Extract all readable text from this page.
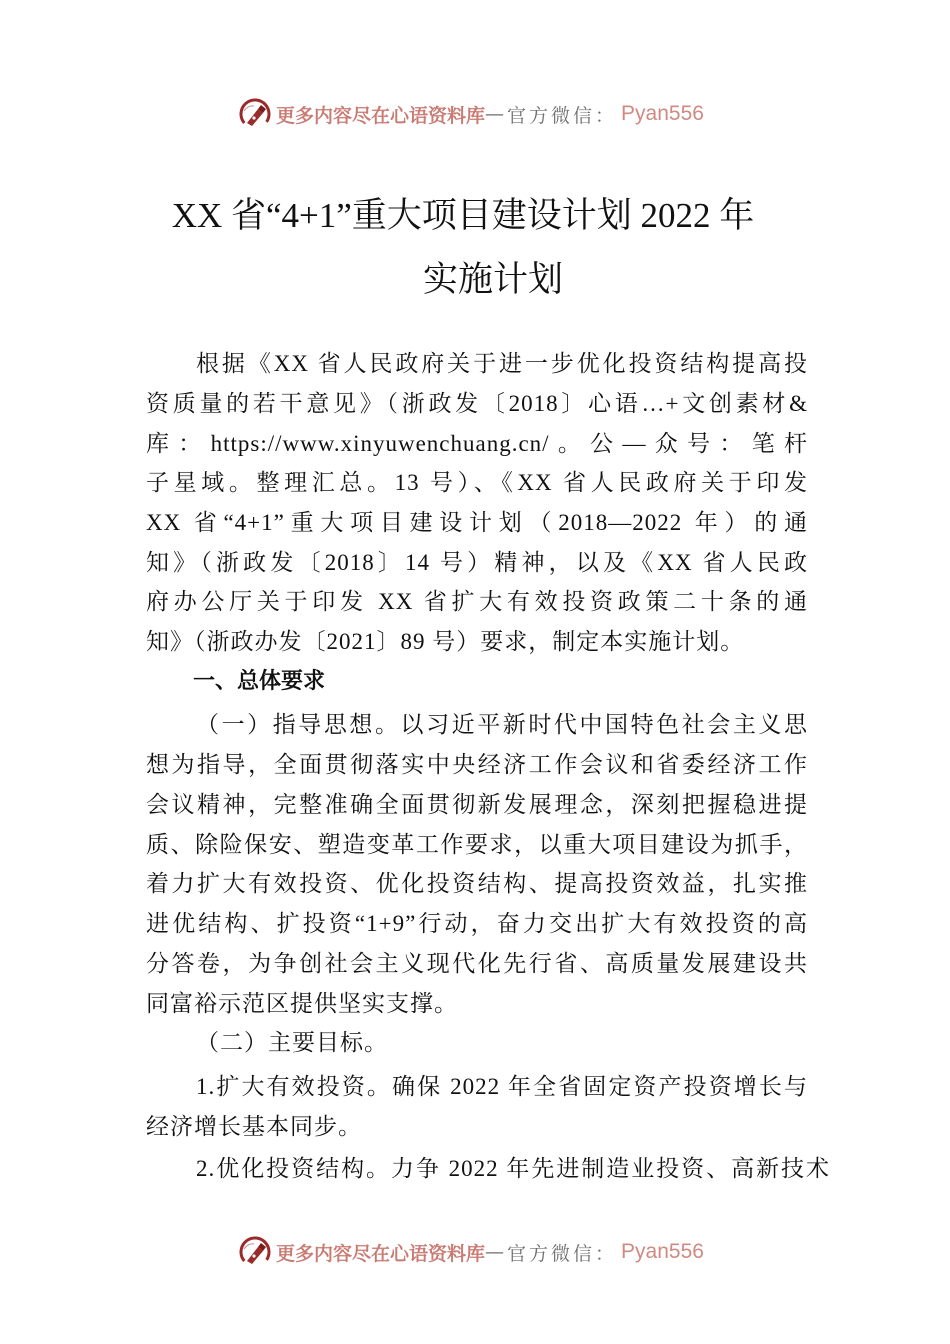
更多内容尽在心语资料库 — 官方微信： Pyan556
XX 省“4+1”重大项目建设计划 2022 年
实施计划
根据《XX 省人民政府关于进一步优化投资结构提高投
资质量的若干意见》（浙政发〔2018〕心语…+文创素材&
库：https://www.xinyuwenchuang.cn/。公—众号：笔杆
子星域。整理汇总。13 号）、《XX 省人民政府关于印发
XX 省“4+1”重大项目建设计划（2018—2022 年）的通
知》（浙政发〔2018〕14 号）精神，以及《XX 省人民政
府办公厅关于印发 XX 省扩大有效投资政策二十条的通
知》（浙政办发〔2021〕89 号）要求，制定本实施计划。
一、总体要求
（一）指导思想。以习近平新时代中国特色社会主义思
想为指导，全面贯彻落实中央经济工作会议和省委经济工作
会议精神，完整准确全面贯彻新发展理念，深刻把握稳进提
质、除险保安、塑造变革工作要求，以重大项目建设为抓手，
着力扩大有效投资、优化投资结构、提高投资效益，扎实推
进优结构、扩投资“1+9”行动，奋力交出扩大有效投资的高
分答卷，为争创社会主义现代化先行省、高质量发展建设共
同富裕示范区提供坚实支撑。
（二）主要目标。
1.扩大有效投资。确保 2022 年全省固定资产投资增长与
经济增长基本同步。
2.优化投资结构。力争 2022 年先进制造业投资、高新技术
更多内容尽在心语资料库 — 官方微信： Pyan556
